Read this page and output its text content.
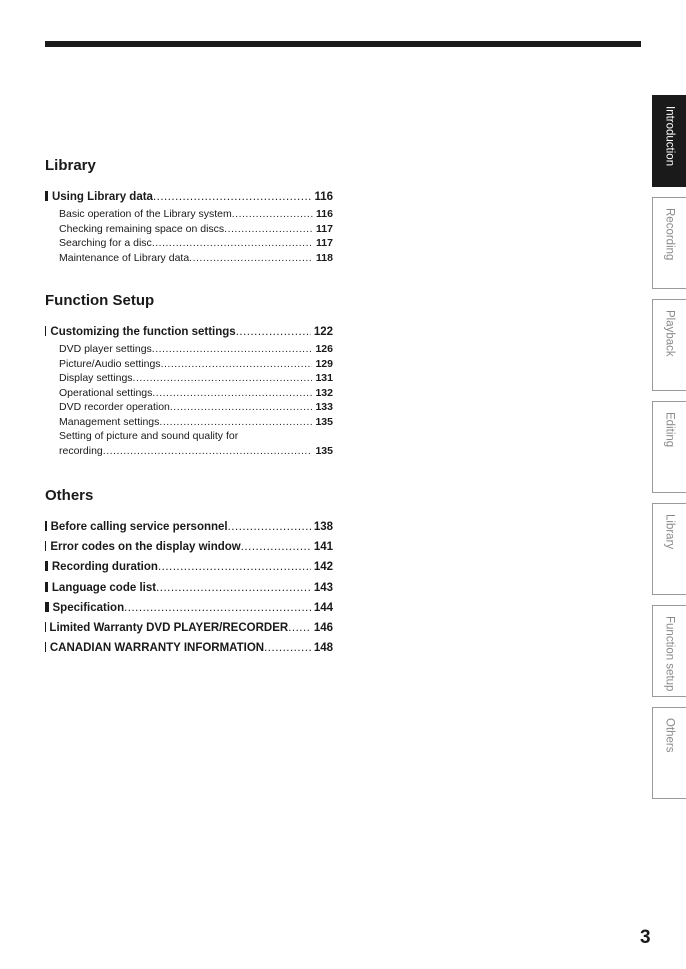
Library
Using Library data .....	116
Basic operation of the Library system .....	116
Checking remaining space on discs .....	117
Searching for a disc .....	117
Maintenance of Library data .....	118
Function Setup
Customizing the function settings .....	122
DVD player settings .....	126
Picture/Audio settings .....	129
Display settings .....	131
Operational settings .....	132
DVD recorder operation .....	133
Management settings .....	135
Setting of picture and sound quality for
recording .....	135
Others
Before calling service personnel .....	138
Error codes on the display window .....	141
Recording duration .....	142
Language code list .....	143
Specification .....	144
Limited Warranty DVD PLAYER/RECORDER ..... 146
CANADIAN WARRANTY INFORMATION .....	148
Introduction
Recording
Playback
Editing
Library
Function setup
Others
3
